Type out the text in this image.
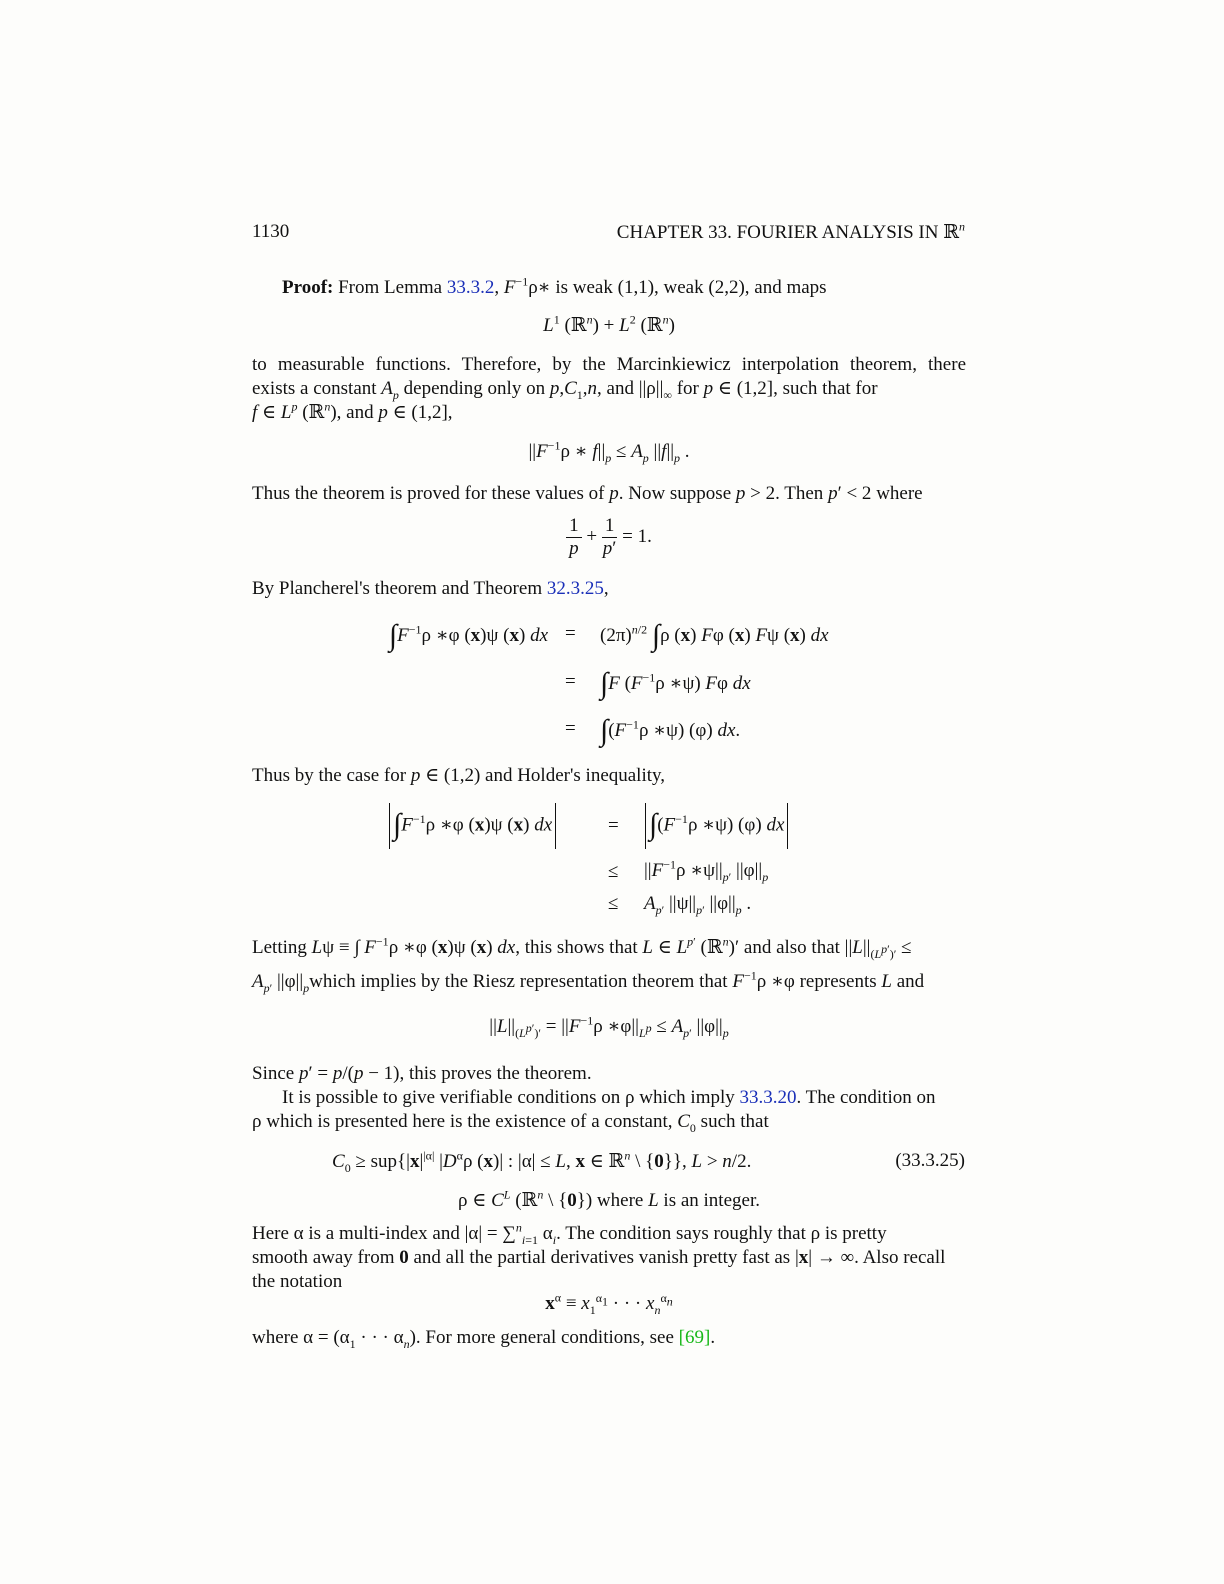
1130	CHAPTER 33. FOURIER ANALYSIS IN ℝ$^n$
Proof: From Lemma 33.3.2, $F^{-1}\rho∗$ is weak (1,1), weak (2,2), and maps
$L^1$ (ℝ$^n$) + $L^2$ (ℝ$^n$)
to measurable functions. Therefore, by the Marcinkiewicz interpolation theorem, there
exists a constant $A_p$ depending only on $p,C_1,n$, and $||\rho||_\infty$ for p ∈ (1,2], such that for
f ∈ $L^p$ (ℝ$^n$), and p ∈ (1,2],
$||F^{-1}\rho$ ∗ $f||_p \le A_p$ $||f||_p$ .
Thus the theorem is proved for these values of p. Now suppose p > 2. Then p′ < 2 where
$\frac{1}{p} + \frac{1}{p'} = 1$.
By Plancherel's theorem and Theorem 32.3.25,
$\int F^{-1}\rho$ ∗φ (x)ψ (x) dx = $(2\pi)^{n/2}$ ∫ρ (x) Fφ (x) Fψ (x) dx
= ∫F ($F^{-1}\rho$ ∗ψ) Fφ dx
= $\int(F^{-1}\rho$ ∗ψ) (φ) dx.
Thus by the case for p ∈ (1,2) and Holder's inequality,
$\int F^{-1}\rho$ ∗φ (x)ψ (x) dx	= $\int(F^{-1}\rho$ ∗ψ) (φ) dx
≤ $||F^{-1}\rho$ $∗\psi||_{p'}$ $||\varphi||_p$
≤ $A_{p'}$ $||\psi||_{p'}$ $||\varphi||_p$ .
Letting Lψ ≡ ∫ $F^{-1}\rho$ ∗φ (x)ψ (x) dx, this shows that L ∈ $L^{p'}$ (ℝ$^n$)′ and also that $||L||_{(L^{p'})'}$ ≤
$A_{p'}$ $||\varphi||_pwhich$ implies by the Riesz representation theorem that $F^{-1}\rho$ ∗φ represents L and
$||L||_{(L^{p'})'} = ||F^{-1}\rho$ $∗\varphi||_{L^p} \le A_{p'}$ $||\varphi||_p$
Since p′ = p/(p − 1), this proves the theorem.
It is possible to give verifiable conditions on ρ which imply 33.3.20. The condition on
ρ which is presented here is the existence of a constant, $C_0$ such that
$C_0 \ge sup\{|x|^{|\alpha|}$ $|D^\alpha\rho$ (x)| : |α| ≤ L, x ∈ ℝ$^n$ \ {0}}, L > n/2.	(33.3.25)
ρ ∈ $C^L$ (ℝ$^n$ \ {0}) where L is an integer.
Here α is a multi-index and |α| = ∑$^n_{i=1}$ $\alpha_i$. The condition says roughly that ρ is pretty
smooth away from 0 and all the partial derivatives vanish pretty fast as |x| → ∞. Also recall
the notation
$x^\alpha \equiv x_1^{\alpha_1}$ · · · $x_n^{\alpha_n}$
where $\alpha = (\alpha_1$ · · · $\alpha_n$). For more general conditions, see [69].
